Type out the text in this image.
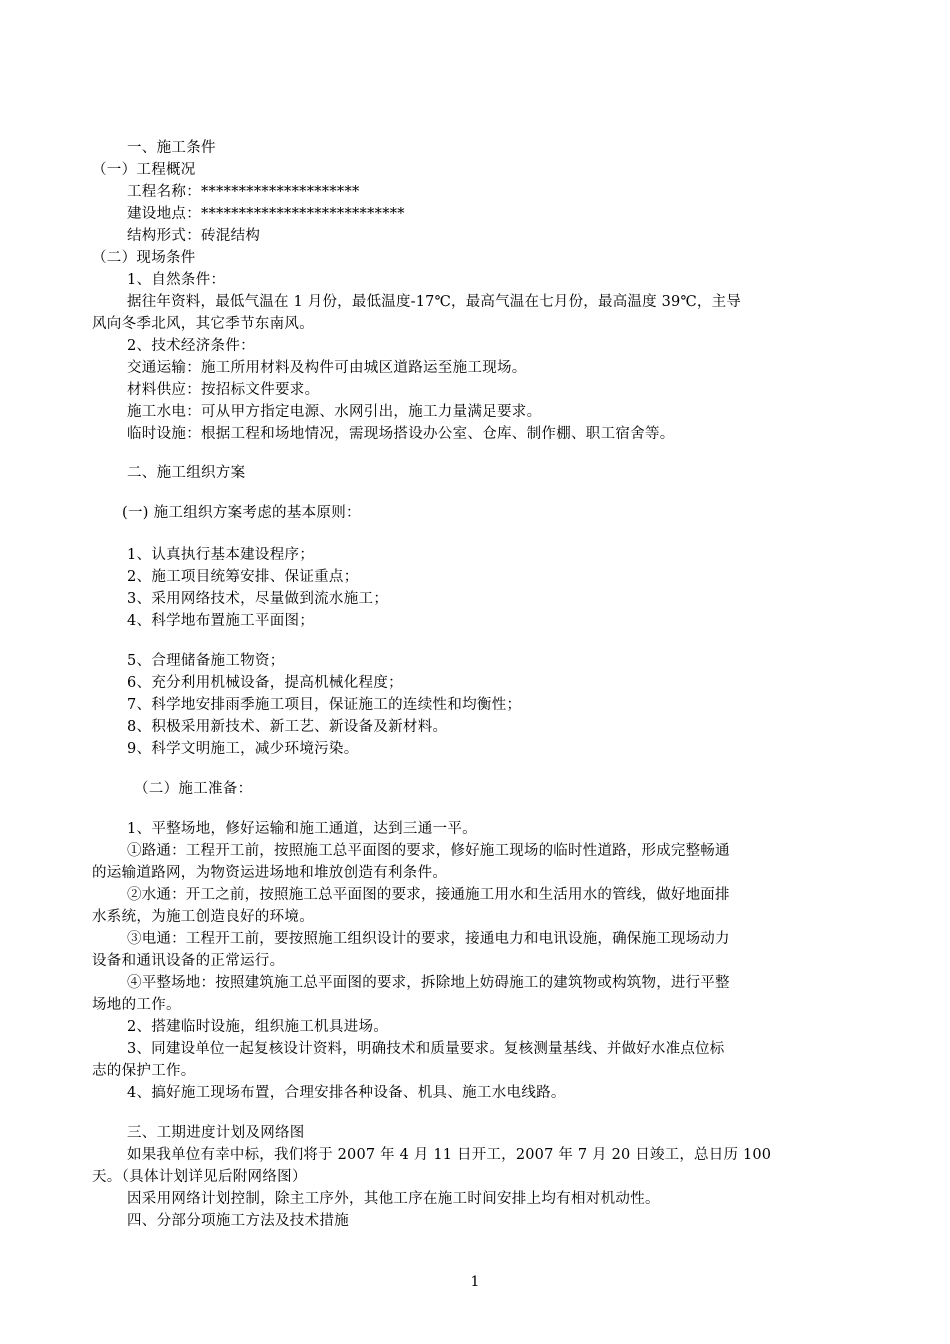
一、施工条件
（一）工程概况
工程名称：*********************
建设地点：***************************
结构形式：砖混结构
（二）现场条件
1、自然条件：
据往年资料，最低气温在 1 月份，最低温度-17℃，最高气温在七月份，最高温度 39℃，主导
风向冬季北风，其它季节东南风。
2、技术经济条件：
交通运输：施工所用材料及构件可由城区道路运至施工现场。
材料供应：按招标文件要求。
施工水电：可从甲方指定电源、水网引出，施工力量满足要求。
临时设施：根据工程和场地情况，需现场搭设办公室、仓库、制作棚、职工宿舍等。
二、施工组织方案
(一) 施工组织方案考虑的基本原则：
1、认真执行基本建设程序；
2、施工项目统筹安排、保证重点；
3、采用网络技术，尽量做到流水施工；
4、科学地布置施工平面图；
5、合理储备施工物资；
6、充分利用机械设备，提高机械化程度；
7、科学地安排雨季施工项目，保证施工的连续性和均衡性；
8、积极采用新技术、新工艺、新设备及新材料。
9、科学文明施工，减少环境污染。
（二）施工准备：
1、平整场地，修好运输和施工通道，达到三通一平。
①路通：工程开工前，按照施工总平面图的要求，修好施工现场的临时性道路，形成完整畅通
的运输道路网，为物资运进场地和堆放创造有利条件。
②水通：开工之前，按照施工总平面图的要求，接通施工用水和生活用水的管线，做好地面排
水系统，为施工创造良好的环境。
③电通：工程开工前，要按照施工组织设计的要求，接通电力和电讯设施，确保施工现场动力
设备和通讯设备的正常运行。
④平整场地：按照建筑施工总平面图的要求，拆除地上妨碍施工的建筑物或构筑物，进行平整
场地的工作。
2、搭建临时设施，组织施工机具进场。
3、同建设单位一起复核设计资料，明确技术和质量要求。复核测量基线、并做好水准点位标
志的保护工作。
4、搞好施工现场布置，合理安排各种设备、机具、施工水电线路。
三、工期进度计划及网络图
如果我单位有幸中标，我们将于 2007 年 4 月 11 日开工，2007 年 7 月 20 日竣工，总日历 100
天。（具体计划详见后附网络图）
因采用网络计划控制，除主工序外，其他工序在施工时间安排上均有相对机动性。
四、分部分项施工方法及技术措施
1
